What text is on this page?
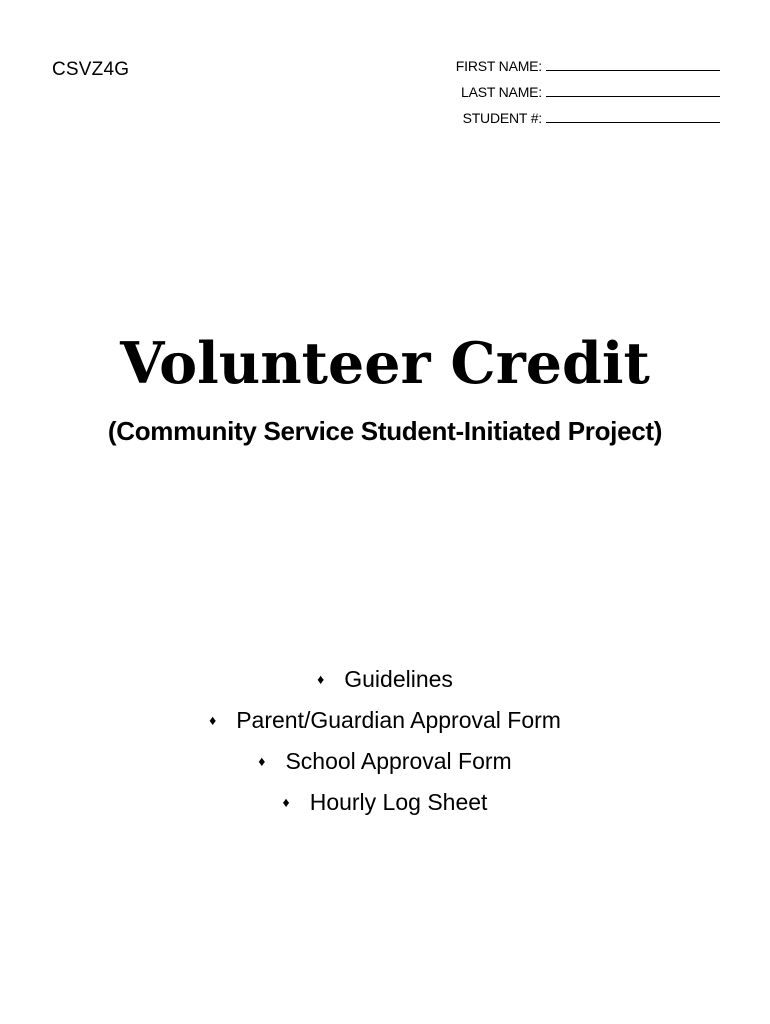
CSVZ4G	FIRST NAME:
LAST NAME:
STUDENT #:
Volunteer Credit
(Community Service Student-Initiated Project)
♦ Guidelines
♦ Parent/Guardian Approval Form
♦ School Approval Form
♦ Hourly Log Sheet
